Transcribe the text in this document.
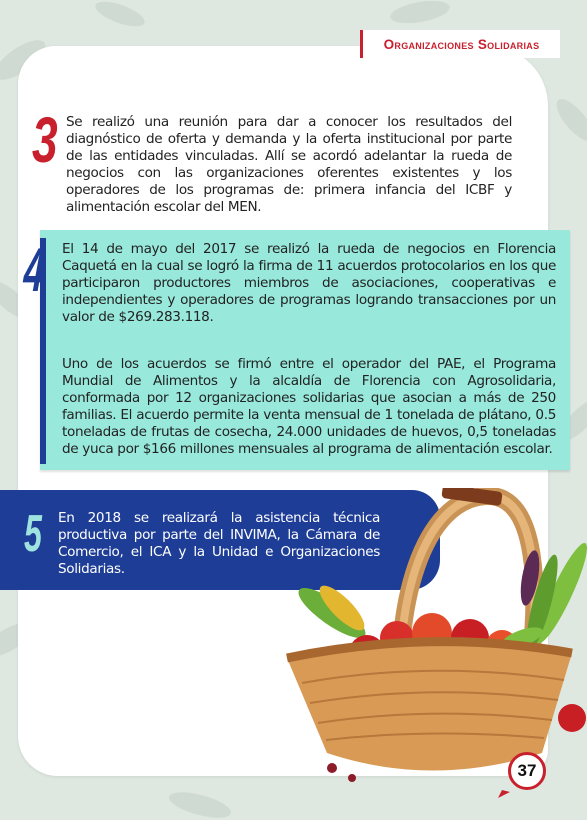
Organizaciones Solidarias
3 Se realizó una reunión para dar a conocer los resultados del diagnóstico de oferta y demanda y la oferta institucional por parte de las entidades vinculadas. Allí se acordó adelantar la rueda de negocios con las organizaciones oferentes existentes y los operadores de los programas de: primera infancia del ICBF y alimentación escolar del MEN.
4 El 14 de mayo del 2017 se realizó la rueda de negocios en Florencia Caquetá en la cual se logró la firma de 11 acuerdos protocolarios en los que participaron productores miembros de asociaciones, cooperativas e independientes y operadores de programas logrando transacciones por un valor de $269.283.118.
Uno de los acuerdos se firmó entre el operador del PAE, el Programa Mundial de Alimentos y la alcaldía de Florencia con Agrosolidaria, conformada por 12 organizaciones solidarias que asocian a más de 250 familias. El acuerdo permite la venta mensual de 1 tonelada de plátano, 0.5 toneladas de frutas de cosecha, 24.000 unidades de huevos, 0,5 toneladas de yuca por $166 millones mensuales al programa de alimentación escolar.
5 En 2018 se realizará la asistencia técnica productiva por parte del INVIMA, la Cámara de Comercio, el ICA y la Unidad e Organizaciones Solidarias.
37
